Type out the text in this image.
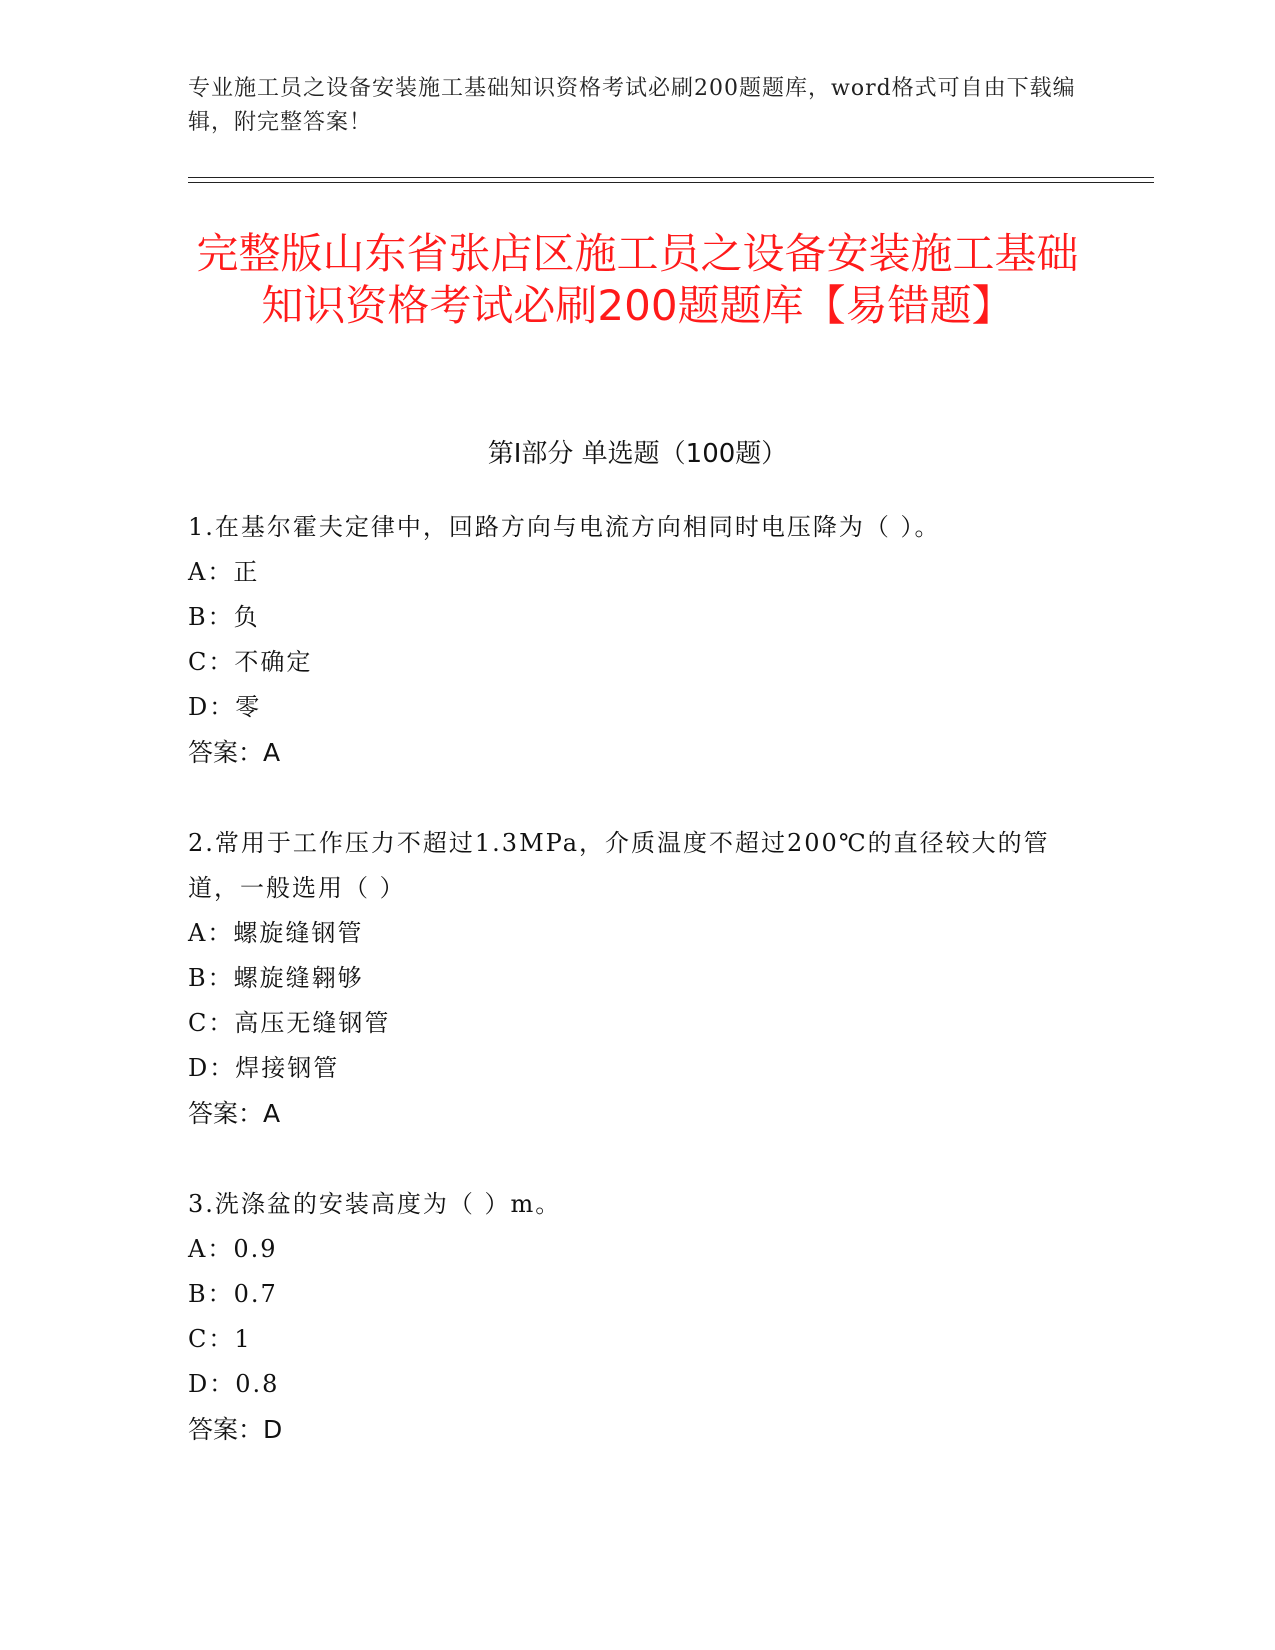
专业施工员之设备安装施工基础知识资格考试必刷200题题库，word格式可自由下载编辑，附完整答案！
完整版山东省张店区施工员之设备安装施工基础知识资格考试必刷200题题库【易错题】
第I部分 单选题（100题）
1.在基尔霍夫定律中，回路方向与电流方向相同时电压降为（ ）。
A：正
B：负
C：不确定
D：零
答案：A
2.常用于工作压力不超过1.3MPa，介质温度不超过200℃的直径较大的管道，一般选用（ ）
A：螺旋缝钢管
B：螺旋缝翱够
C：高压无缝钢管
D：焊接钢管
答案：A
3.洗涤盆的安装高度为（ ）m。
A：0.9
B：0.7
C：1
D：0.8
答案：D
